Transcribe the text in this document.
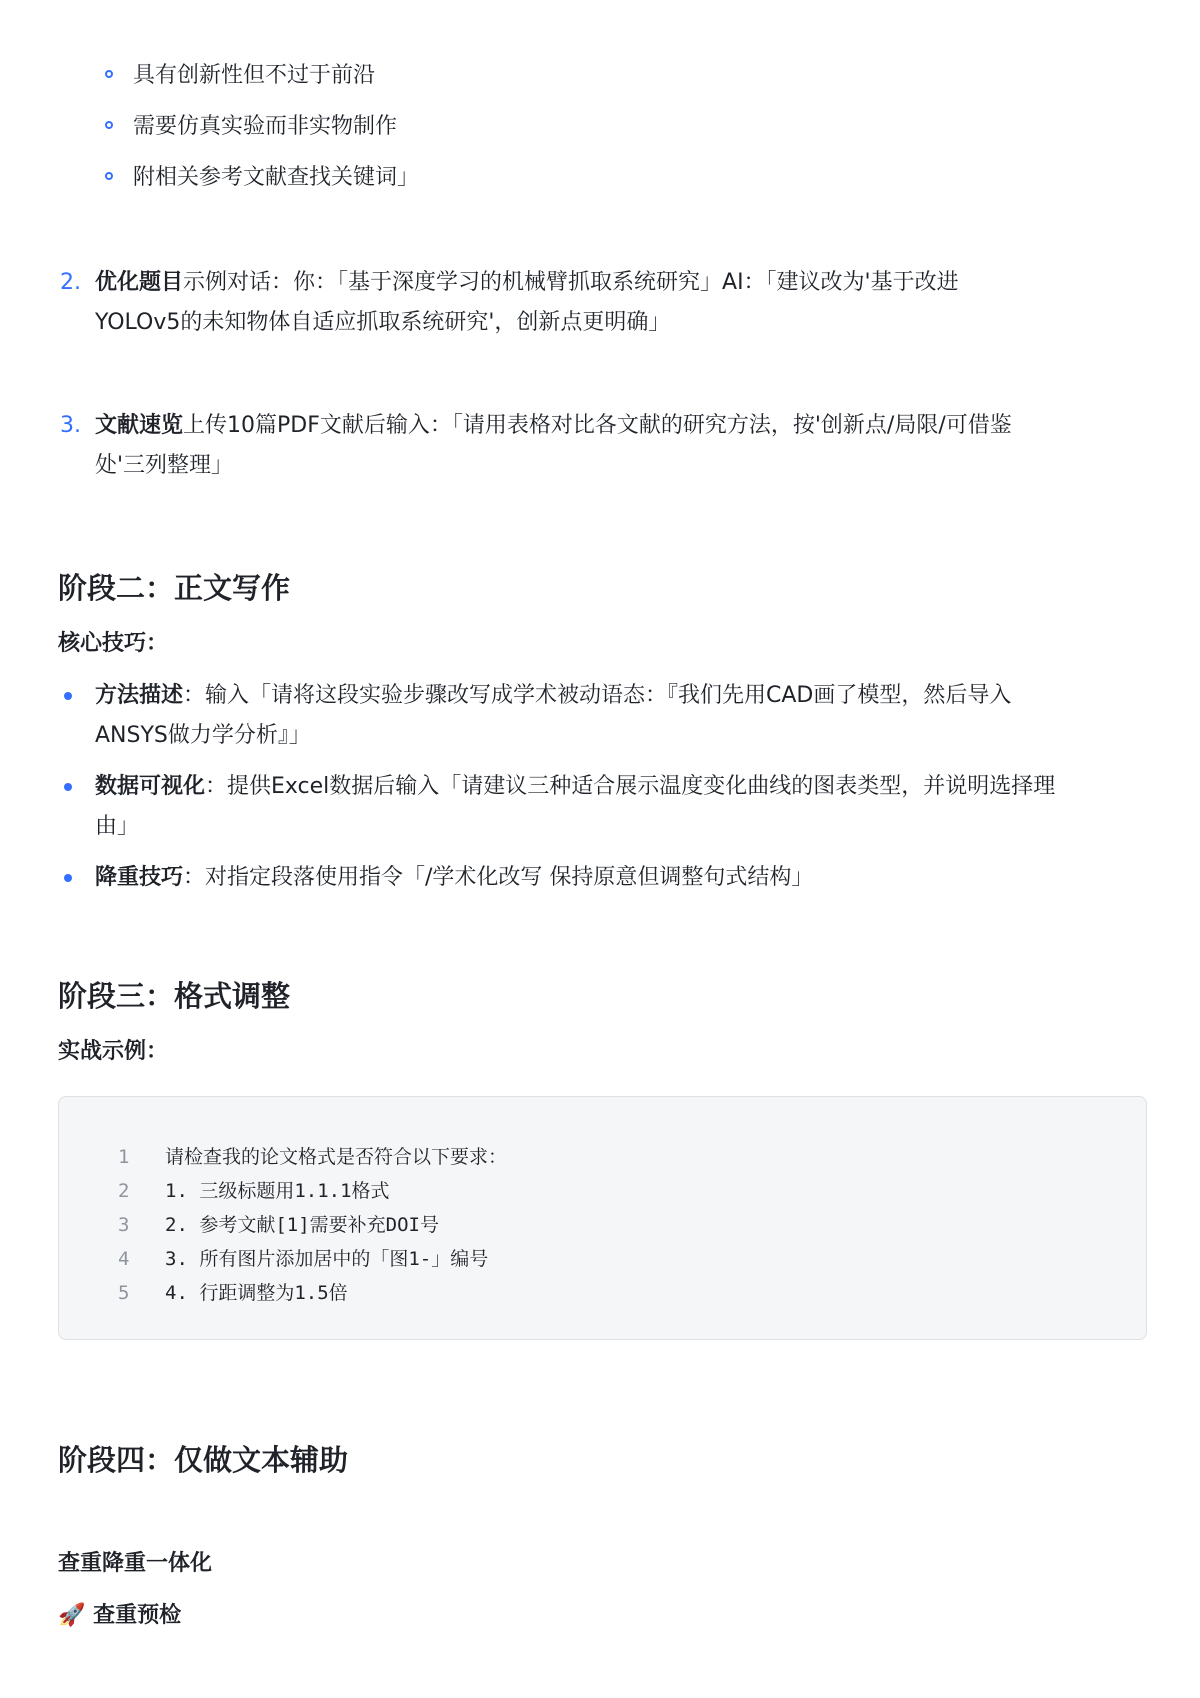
具有创新性但不过于前沿
需要仿真实验而非实物制作
附相关参考文献查找关键词」
2. 优化题目示例对话：你：「基于深度学习的机械臂抓取系统研究」AI：「建议改为'基于改进
YOLOv5的未知物体自适应抓取系统研究'，创新点更明确」
3. 文献速览上传10篇PDF文献后输入：「请用表格对比各文献的研究方法，按'创新点/局限/可借鉴
处'三列整理」
阶段二：正文写作
核心技巧：
方法描述：输入「请将这段实验步骤改写成学术被动语态：『我们先用CAD画了模型，然后导入
ANSYS做力学分析』」
数据可视化：提供Excel数据后输入「请建议三种适合展示温度变化曲线的图表类型，并说明选择理
由」
降重技巧：对指定段落使用指令「/学术化改写 保持原意但调整句式结构」
阶段三：格式调整
实战示例：
1	请检查我的论文格式是否符合以下要求：
2	1. 三级标题用1.1.1格式
3	2. 参考文献[1]需要补充DOI号
4	3. 所有图片添加居中的「图1-」编号
5	4. 行距调整为1.5倍
阶段四：仅做文本辅助
查重降重一体化
🚀 查重预检
